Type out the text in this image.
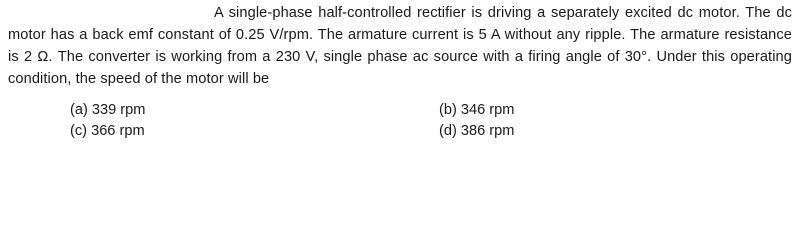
A single-phase half-controlled rectifier is driving a separately excited dc motor. The dc motor has a back emf constant of 0.25 V/rpm. The armature current is 5 A without any ripple. The armature resistance is 2 Ω. The converter is working from a 230 V, single phase ac source with a firing angle of 30°. Under this operating condition, the speed of the motor will be
(a) 339 rpm	(b) 346 rpm
(c) 366 rpm	(d) 386 rpm
